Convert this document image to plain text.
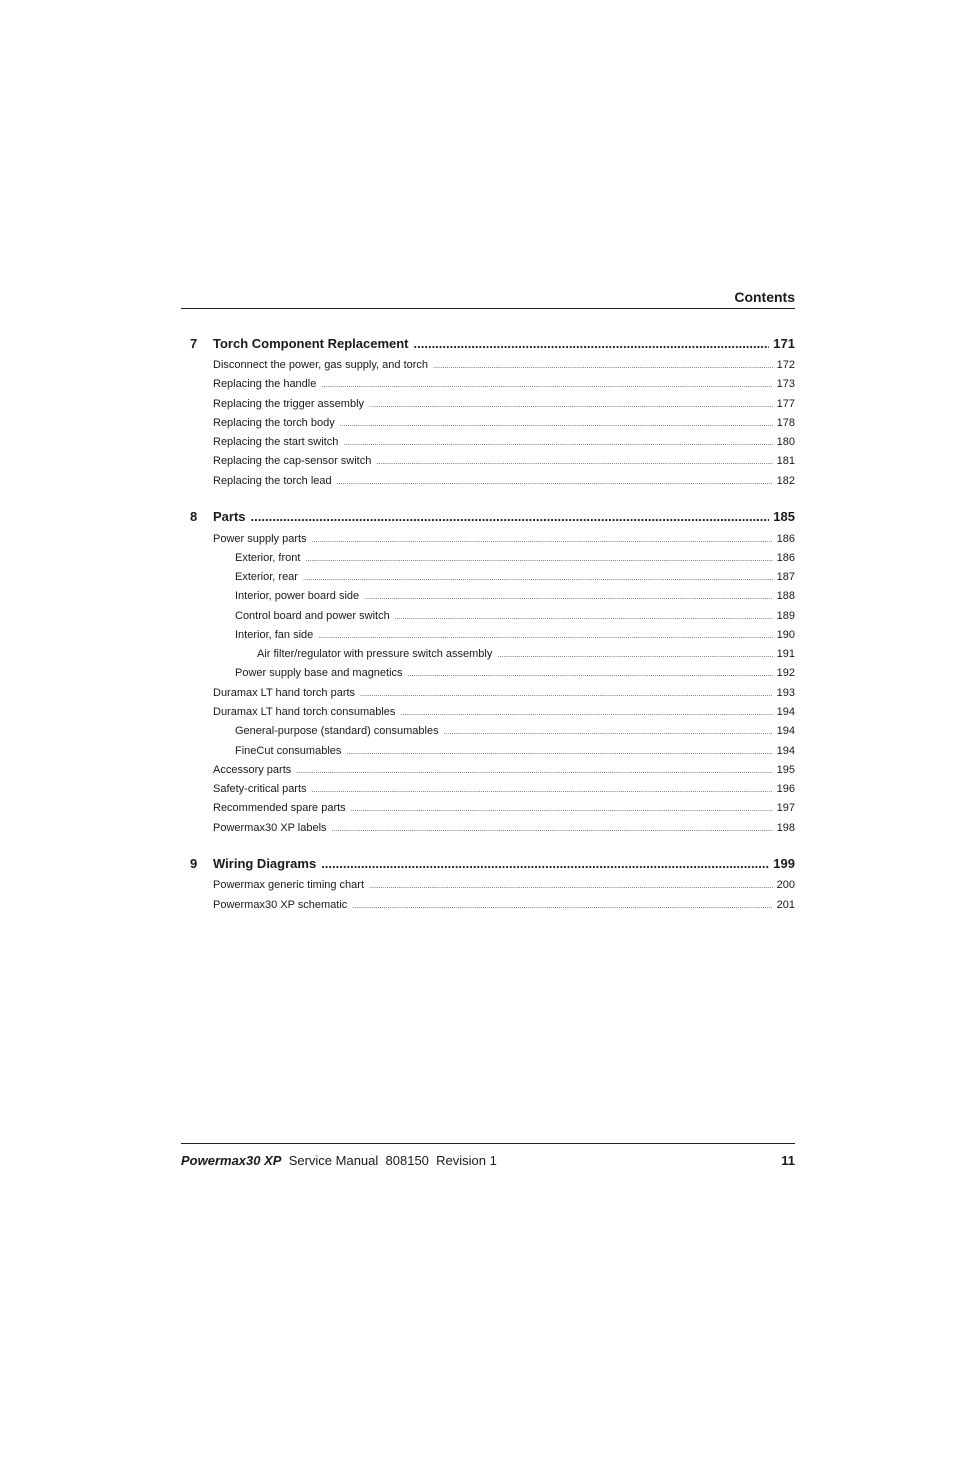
Contents
7 Torch Component Replacement .....	171
Disconnect the power, gas supply, and torch .....	172
Replacing the handle .....	173
Replacing the trigger assembly .....	177
Replacing the torch body .....	178
Replacing the start switch .....	180
Replacing the cap-sensor switch .....	181
Replacing the torch lead .....	182
8 Parts .....	185
Power supply parts .....	186
Exterior, front .....	186
Exterior, rear .....	187
Interior, power board side .....	188
Control board and power switch .....	189
Interior, fan side .....	190
Air filter/regulator with pressure switch assembly .....	191
Power supply base and magnetics .....	192
Duramax LT hand torch parts .....	193
Duramax LT hand torch consumables .....	194
General-purpose (standard) consumables .....	194
FineCut consumables .....	194
Accessory parts .....	195
Safety-critical parts .....	196
Recommended spare parts .....	197
Powermax30 XP labels .....	198
9 Wiring Diagrams .....	199
Powermax generic timing chart .....	200
Powermax30 XP schematic .....	201
Powermax30 XP Service Manual 808150 Revision 1	11
